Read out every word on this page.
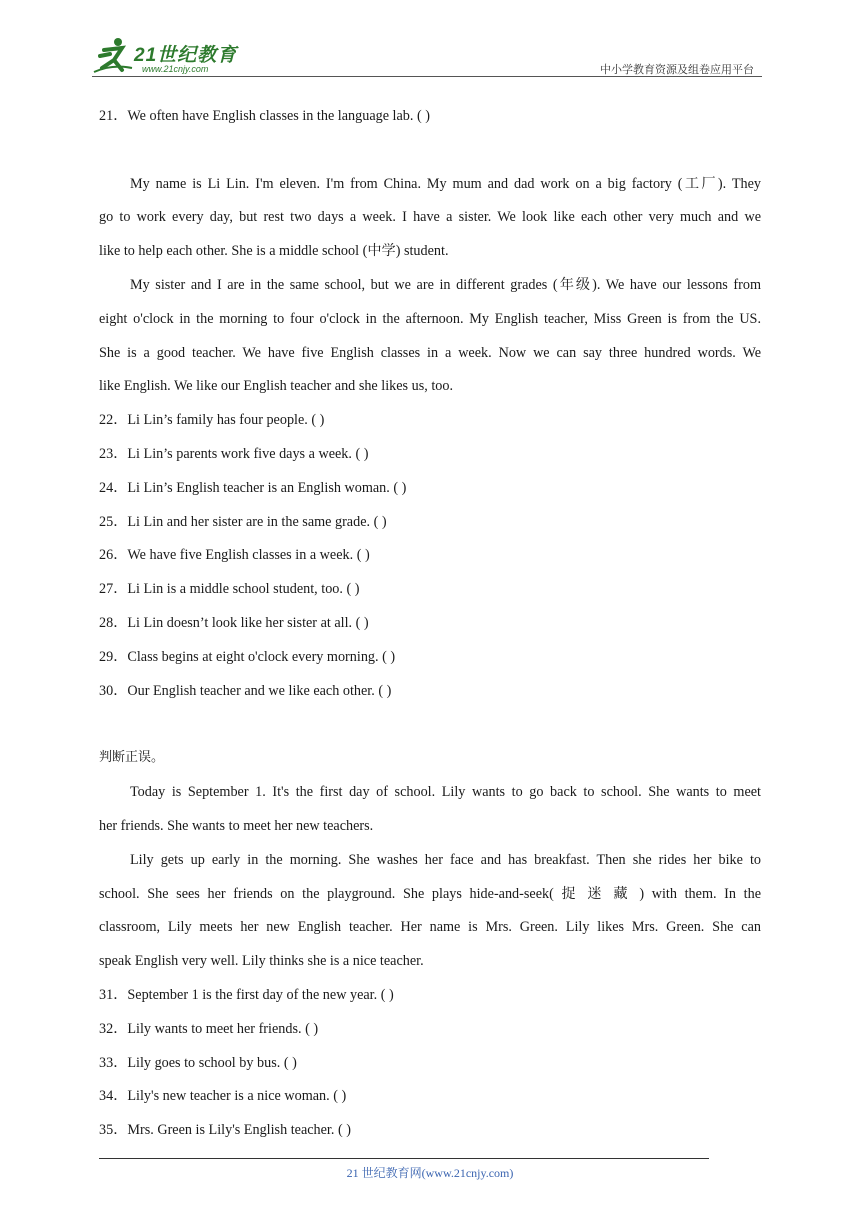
21世纪教育
www.21cnjy.com	中小学教育资源及组卷应用平台
21．We often have English classes in the language lab. ( )
My name is Li Lin. I'm eleven. I'm from China. My mum and dad work on a big factory (工厂). They
go to work every day, but rest two days a week. I have a sister. We look like each other very much and we
like to help each other. She is a middle school (中学) student.
My sister and I are in the same school, but we are in different grades (年级). We have our lessons from
eight o'clock in the morning to four o'clock in the afternoon. My English teacher, Miss Green is from the US.
She is a good teacher. We have five English classes in a week. Now we can say three hundred words. We
like English. We like our English teacher and she likes us, too.
22．Li Lin’s family has four people. ( )
23．Li Lin’s parents work five days a week. ( )
24．Li Lin’s English teacher is an English woman. ( )
25．Li Lin and her sister are in the same grade. ( )
26．We have five English classes in a week. ( )
27．Li Lin is a middle school student, too. ( )
28．Li Lin doesn’t look like her sister at all. ( )
29．Class begins at eight o'clock every morning. ( )
30．Our English teacher and we like each other. ( )
判断正误。
Today is September 1. It's the first day of school. Lily wants to go back to school. She wants to meet
her friends. She wants to meet her new teachers.
Lily gets up early in the morning. She washes her face and has breakfast. Then she rides her bike to
school. She sees her friends on the playground. She plays hide-and-seek( 捉 迷 藏 ) with them. In the
classroom, Lily meets her new English teacher. Her name is Mrs. Green. Lily likes Mrs. Green. She can
speak English very well. Lily thinks she is a nice teacher.
31．September 1 is the first day of the new year. ( )
32．Lily wants to meet her friends. ( )
33．Lily goes to school by bus. ( )
34．Lily's new teacher is a nice woman. ( )
35．Mrs. Green is Lily's English teacher. ( )
21 世纪教育网(www.21cnjy.com)
